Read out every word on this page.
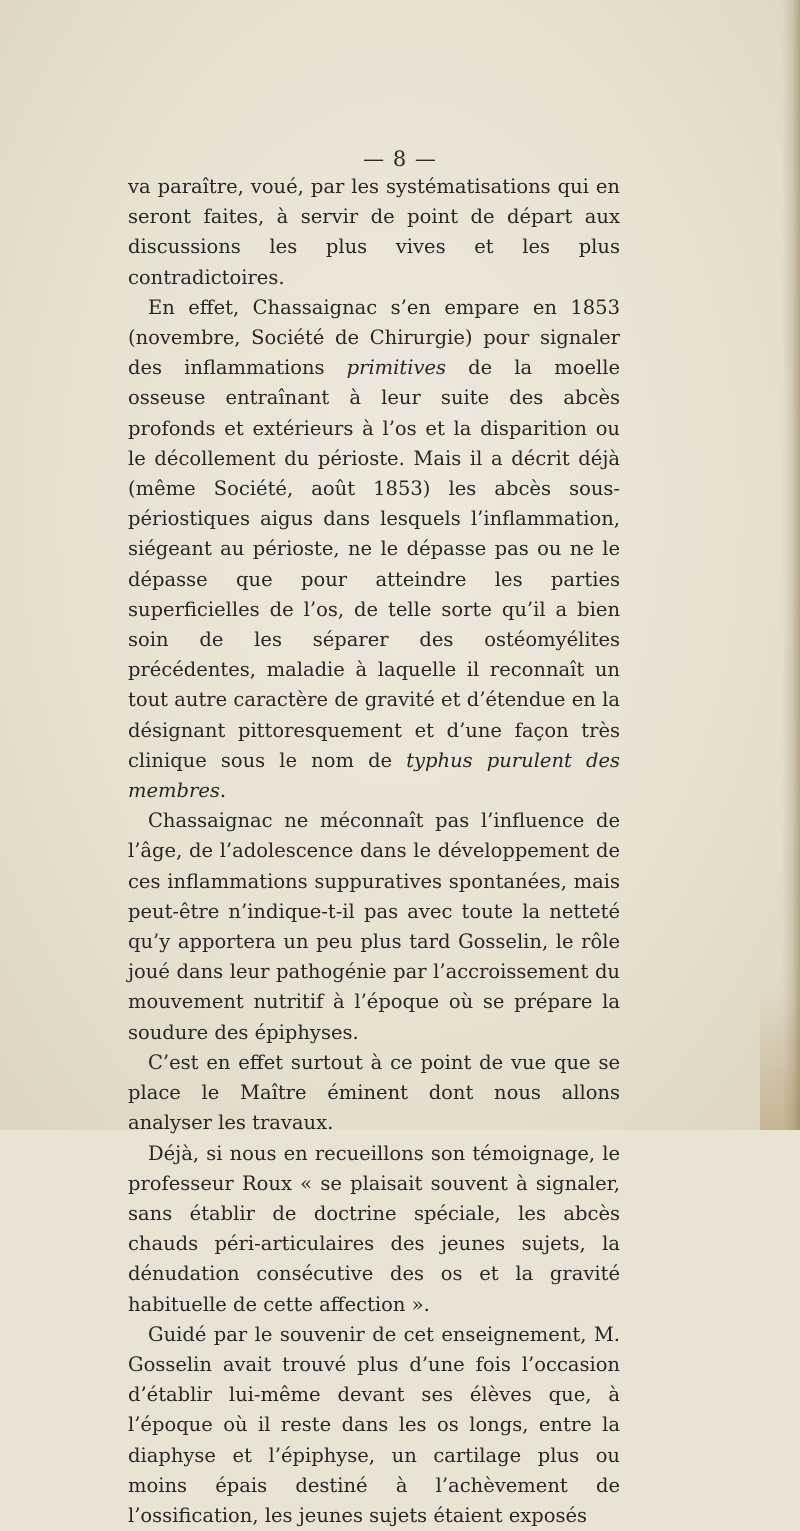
— 8 —

va paraître, voué, par les systématisations qui en seront faites, à servir de point de départ aux discussions les plus vives et les plus contradictoires.

En effet, Chassaignac s’en empare en 1853 (novembre, Société de Chirurgie) pour signaler des inflammations primitives de la moelle osseuse entraînant à leur suite des abcès profonds et extérieurs à l’os et la disparition ou le décollement du périoste. Mais il a décrit déjà (même Société, août 1853) les abcès sous-périostiques aigus dans lesquels l’inflammation, siégeant au périoste, ne le dépasse pas ou ne le dépasse que pour atteindre les parties superficielles de l’os, de telle sorte qu’il a bien soin de les séparer des ostéomyélites précédentes, maladie à laquelle il reconnaît un tout autre caractère de gravité et d’étendue en la désignant pittoresquement et d’une façon très clinique sous le nom de typhus purulent des membres.

Chassaignac ne méconnaît pas l’influence de l’âge, de l’adolescence dans le développement de ces inflammations suppuratives spontanées, mais peut-être n’indique-t-il pas avec toute la netteté qu’y apportera un peu plus tard Gosselin, le rôle joué dans leur pathogénie par l’accroissement du mouvement nutritif à l’époque où se prépare la soudure des épiphyses.

C’est en effet surtout à ce point de vue que se place le Maître éminent dont nous allons analyser les travaux.

Déjà, si nous en recueillons son témoignage, le professeur Roux « se plaisait souvent à signaler, sans établir de doctrine spéciale, les abcès chauds péri-articulaires des jeunes sujets, la dénudation consécutive des os et la gravité habituelle de cette affection ».

Guidé par le souvenir de cet enseignement, M. Gosselin avait trouvé plus d’une fois l’occasion d’établir lui-même devant ses élèves que, à l’époque où il reste dans les os longs, entre la diaphyse et l’épiphyse, un cartilage plus ou moins épais destiné à l’achèvement de l’ossification, les jeunes sujets étaient exposés
